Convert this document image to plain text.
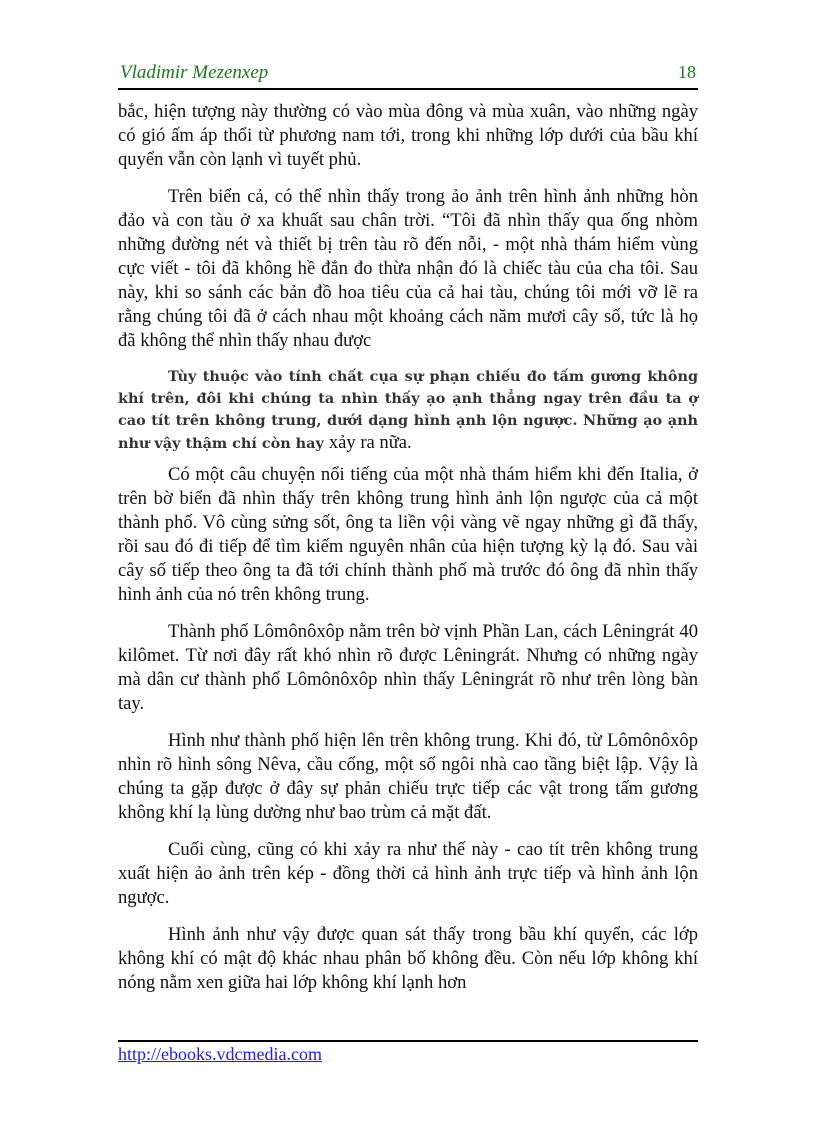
Vladimir Mezenxep	18

bắc, hiện tượng này thường có vào mùa đông và mùa xuân, vào những ngày có gió ấm áp thổi từ phương nam tới, trong khi những lớp dưới của bầu khí quyển vẫn còn lạnh vì tuyết phủ.

Trên biển cả, có thể nhìn thấy trong ảo ảnh trên hình ảnh những hòn đảo và con tàu ở xa khuất sau chân trời. “Tôi đã nhìn thấy qua ống nhòm những đường nét và thiết bị trên tàu rõ đến nỗi, - một nhà thám hiểm vùng cực viết - tôi đã không hề đắn đo thừa nhận đó là chiếc tàu của cha tôi. Sau này, khi so sánh các bản đồ hoa tiêu của cả hai tàu, chúng tôi mới vỡ lẽ ra rằng chúng tôi đã ở cách nhau một khoảng cách năm mươi cây số, tức là họ đã không thể nhìn thấy nhau được

Tùy thuộc vào tính chất cụa sự phạn chiếu đo tấm gương không khí trên, đôi khi chúng ta nhìn thấy ạo ạnh thẳng ngay trên đầu ta ợ cao tít trên không trung, dưới dạng hình ạnh lộn ngược. Những ạo ạnh như vậy thậm chí còn hay xảy ra nữa.

Có một câu chuyện nổi tiếng của một nhà thám hiểm khi đến Italia, ở trên bờ biển đã nhìn thấy trên không trung hình ảnh lộn ngược của cả một thành phố. Vô cùng sửng sốt, ông ta liền vội vàng vẽ ngay những gì đã thấy, rồi sau đó đi tiếp để tìm kiếm nguyên nhân của hiện tượng kỳ lạ đó. Sau vài cây số tiếp theo ông ta đã tới chính thành phố mà trước đó ông đã nhìn thấy hình ảnh của nó trên không trung.

Thành phố Lômônôxôp nằm trên bờ vịnh Phần Lan, cách Lêningrát 40 kilômet. Từ nơi đây rất khó nhìn rõ được Lêningrát. Nhưng có những ngày mà dân cư thành phố Lômônôxôp nhìn thấy Lêningrát rõ như trên lòng bàn tay.

Hình như thành phố hiện lên trên không trung. Khi đó, từ Lômônôxôp nhìn rõ hình sông Nêva, cầu cống, một số ngôi nhà cao tầng biệt lập. Vậy là chúng ta gặp được ở đây sự phản chiếu trực tiếp các vật trong tấm gương không khí lạ lùng dường như bao trùm cả mặt đất.

Cuối cùng, cũng có khi xảy ra như thế này - cao tít trên không trung xuất hiện ảo ảnh trên kép - đồng thời cả hình ảnh trực tiếp và hình ảnh lộn ngược.

Hình ảnh như vậy được quan sát thấy trong bầu khí quyển, các lớp không khí có mật độ khác nhau phân bố không đều. Còn nếu lớp không khí nóng nằm xen giữa hai lớp không khí lạnh hơn

http://ebooks.vdcmedia.com
